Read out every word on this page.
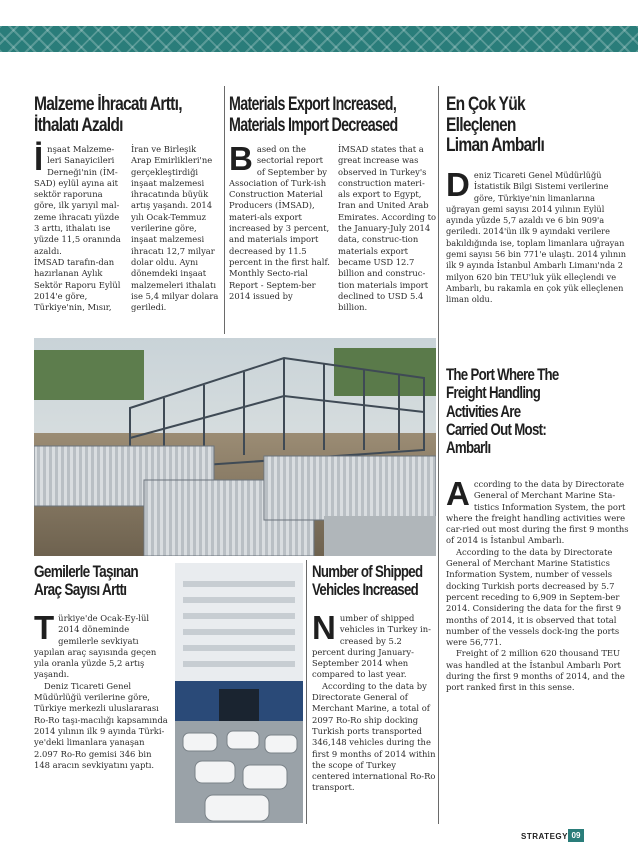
Malzeme İhracatı Arttı,
İthalatı Azaldı
İ nşaat Malzeme-leri Sanayicileri Derneği'nin (İM- SAD) eylül ayına ait sektör raporuna göre, ilk yarıyıl mal-zeme ihracatı yüzde 3 arttı, ithalatı ise yüzde 11,5 oranında azaldı.

İMSAD tarafın-dan hazırlanan Aylık Sektör Raporu Eylül 2014'e göre, Türkiye'nin, Mısır,

İran ve Birleşik Arap Emirlikleri'ne gerçekleştirdiği inşaat malzemesi ihracatında büyük artış yaşandı. 2014 yılı Ocak-Temmuz verilerine göre, inşaat malzemesi ihracatı 12,7 milyar dolar oldu. Aynı dönemdeki inşaat malzemeleri ithalatı ise 5,4 milyar dolara geriledi.

Materials Export Increased,
Materials Import Decreased
B ased on the sectorial report of September by Association of Turk-ish Construction Material Producers (İMSAD), materi-als export increased by 3 percent, and materials import decreased by 11.5 percent in the first half. Monthly Secto-rial Report - Septem-ber 2014 issued by

İMSAD states that a great increase was observed in Turkey's construction materi-als export to Egypt, Iran and United Arab Emirates. According to the January-July 2014 data, construc-tion materials export became USD 12.7 billion and construc-tion materials import declined to USD 5.4 billion.

En Çok Yük
Elleçlenen
Liman Ambarlı
D eniz Ticareti Genel Müdürlüğü İstatistik Bilgi Sistemi verilerine göre, Türkiye'nin limanlarına uğrayan gemi sayısı 2014 yılının Eylül ayında yüzde 5,7 azaldı ve 6 bin 909'a geriledi. 2014'ün ilk 9 ayındaki verilere bakıldığında ise, toplam limanlara uğrayan gemi sayısı 56 bin 771'e ulaştı. 2014 yılının ilk 9 ayında İstanbul Ambarlı Limanı'nda 2 milyon 620 bin TEU'luk yük elleçlendi ve Ambarlı, bu rakamla en çok yük elleçlenen liman oldu.
The Port Where The
Freight Handling
Activities Are
Carried Out Most:
Ambarlı
A ccording to the data by Directorate General of Merchant Marine Sta- tistics Information System, the port where the freight handling activities were car-ried out most during the first 9 months of 2014 is İstanbul Ambarlı.

According to the data by Directorate General of Merchant Marine Statistics Information System, number of vessels docking Turkish ports decreased by 5.7 percent receding to 6,909 in Septem-ber 2014. Considering the data for the first 9 months of 2014, it is observed that total number of the vessels dock-ing the ports were 56,771.

Freight of 2 million 620 thousand TEU was handled at the İstanbul Ambarlı Port during the first 9 months of 2014, and the port ranked first in this sense.

Gemilerle Taşınan
Araç Sayısı Arttı
T ürkiye'de Ocak-Ey-lül 2014 döneminde gemilerle sevkiyatı yapılan araç sayısında geçen yıla oranla yüzde 5,2 artış yaşandı.

Deniz Ticareti Genel Müdürlüğü verilerine göre, Türkiye merkezli uluslararası Ro-Ro taşı-macılığı kapsamında 2014 yılının ilk 9 ayında Türki-ye'deki limanlara yanaşan 2.097 Ro-Ro gemisi 346 bin 148 aracın sevkiyatını yaptı.

Number of Shipped
Vehicles Increased
N umber of shipped vehicles in Turkey in-creased by 5.2 percent during January-September 2014 when compared to last year.

According to the data by Directorate General of Merchant Marine, a total of 2097 Ro-Ro ship docking Turkish ports transported 346,148 vehicles during the first 9 months of 2014 within the scope of Turkey centered international Ro-Ro transport.

STRATEGY 09
